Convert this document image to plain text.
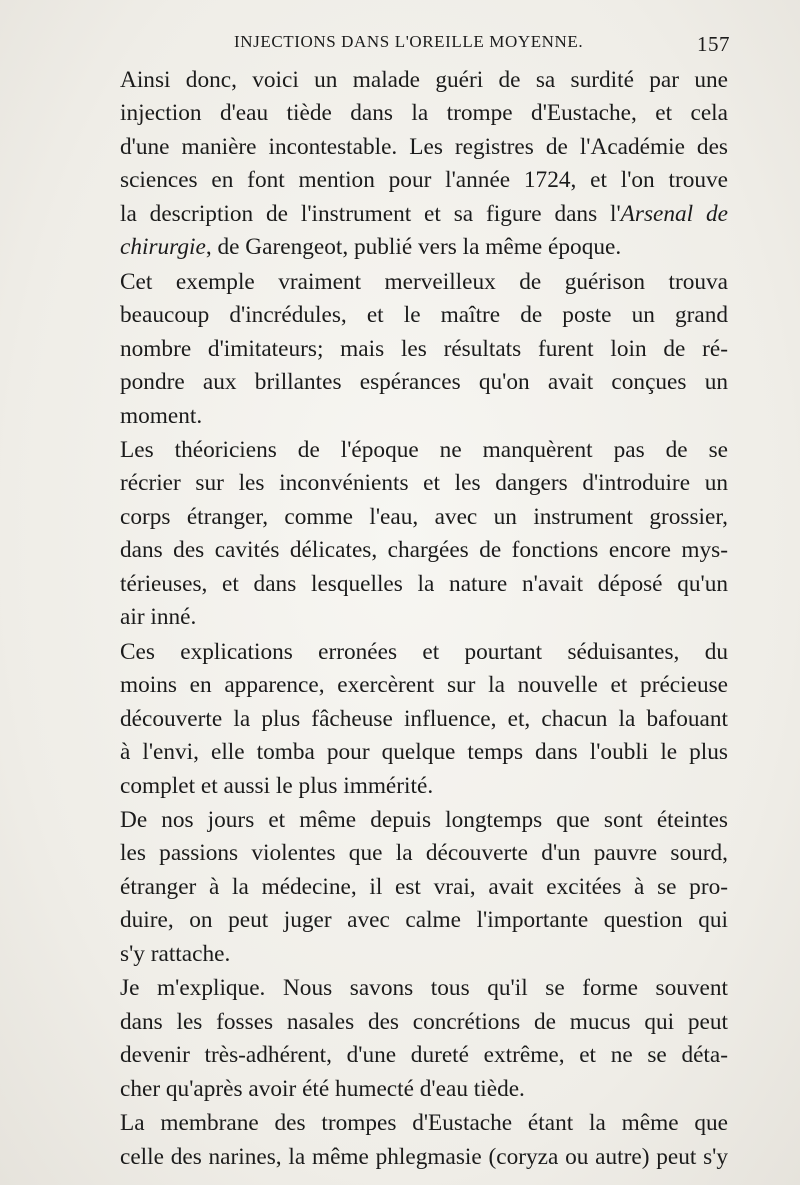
INJECTIONS DANS L'OREILLE MOYENNE.	157

Ainsi donc, voici un malade guéri de sa surdité par une
injection d'eau tiède dans la trompe d'Eustache, et cela
d'une manière incontestable. Les registres de l'Académie des
sciences en font mention pour l'année 1724, et l'on trouve
la description de l'instrument et sa figure dans l'Arsenal de
chirurgie, de Garengeot, publié vers la même époque.

Cet exemple vraiment merveilleux de guérison trouva
beaucoup d'incrédules, et le maître de poste un grand
nombre d'imitateurs; mais les résultats furent loin de ré-
pondre aux brillantes espérances qu'on avait conçues un
moment.

Les théoriciens de l'époque ne manquèrent pas de se
récrier sur les inconvénients et les dangers d'introduire un
corps étranger, comme l'eau, avec un instrument grossier,
dans des cavités délicates, chargées de fonctions encore mys-
térieuses, et dans lesquelles la nature n'avait déposé qu'un
air inné.

Ces explications erronées et pourtant séduisantes, du
moins en apparence, exercèrent sur la nouvelle et précieuse
découverte la plus fâcheuse influence, et, chacun la bafouant
à l'envi, elle tomba pour quelque temps dans l'oubli le plus
complet et aussi le plus immérité.

De nos jours et même depuis longtemps que sont éteintes
les passions violentes que la découverte d'un pauvre sourd,
étranger à la médecine, il est vrai, avait excitées à se pro-
duire, on peut juger avec calme l'importante question qui
s'y rattache.

Je m'explique. Nous savons tous qu'il se forme souvent
dans les fosses nasales des concrétions de mucus qui peut
devenir très-adhérent, d'une dureté extrême, et ne se déta-
cher qu'après avoir été humecté d'eau tiède.

La membrane des trompes d'Eustache étant la même que
celle des narines, la même phlegmasie (coryza ou autre) peut s'y
